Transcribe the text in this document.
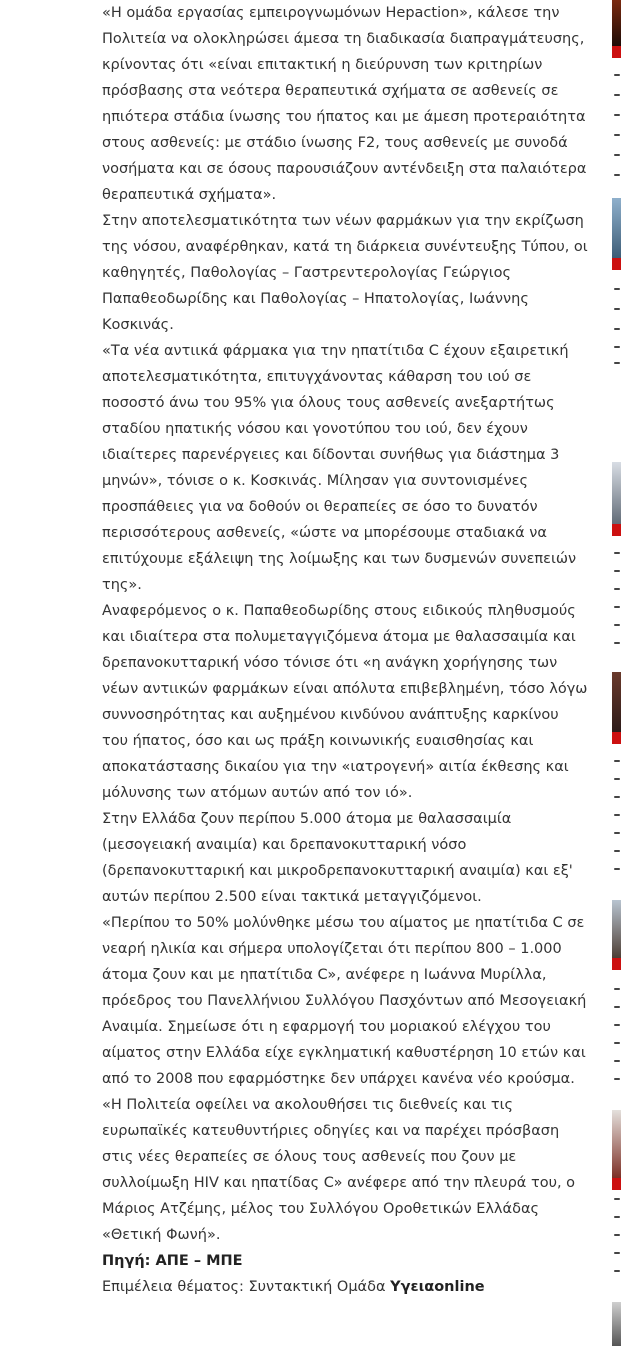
«Η ομάδα εργασίας εμπειρογνωμόνων Hepaction», κάλεσε την Πολιτεία να ολοκληρώσει άμεσα τη διαδικασία διαπραγμάτευσης, κρίνοντας ότι «είναι επιτακτική η διεύρυνση των κριτηρίων πρόσβασης στα νεότερα θεραπευτικά σχήματα σε ασθενείς σε ηπιότερα στάδια ίνωσης του ήπατος και με άμεση προτεραιότητα στους ασθενείς: με στάδιο ίνωσης F2, τους ασθενείς με συνοδά νοσήματα και σε όσους παρουσιάζουν αντένδειξη στα παλαιότερα θεραπευτικά σχήματα».

Στην αποτελεσματικότητα των νέων φαρμάκων για την εκρίζωση της νόσου, αναφέρθηκαν, κατά τη διάρκεια συνέντευξης Τύπου, οι καθηγητές, Παθολογίας – Γαστρεντερολογίας Γεώργιος Παπαθεοδωρίδης και Παθολογίας – Ηπατολογίας, Ιωάννης Κοσκινάς.

«Τα νέα αντιικά φάρμακα για την ηπατίτιδα C έχουν εξαιρετική αποτελεσματικότητα, επιτυγχάνοντας κάθαρση του ιού σε ποσοστό άνω του 95% για όλους τους ασθενείς ανεξαρτήτως σταδίου ηπατικής νόσου και γονοτύπου του ιού, δεν έχουν ιδιαίτερες παρενέργειες και δίδονται συνήθως για διάστημα 3 μηνών», τόνισε ο κ. Κοσκινάς. Μίλησαν για συντονισμένες προσπάθειες για να δοθούν οι θεραπείες σε όσο το δυνατόν περισσότερους ασθενείς, «ώστε να μπορέσουμε σταδιακά να επιτύχουμε εξάλειψη της λοίμωξης και των δυσμενών συνεπειών της».

Αναφερόμενος ο κ. Παπαθεοδωρίδης στους ειδικούς πληθυσμούς και ιδιαίτερα στα πολυμεταγγιζόμενα άτομα με θαλασσαιμία και δρεπανοκυτταρική νόσο τόνισε ότι «η ανάγκη χορήγησης των νέων αντιικών φαρμάκων είναι απόλυτα επιβεβλημένη, τόσο λόγω συννοσηρότητας και αυξημένου κινδύνου ανάπτυξης καρκίνου του ήπατος, όσο και ως πράξη κοινωνικής ευαισθησίας και αποκατάστασης δικαίου για την «ιατρογενή» αιτία έκθεσης και μόλυνσης των ατόμων αυτών από τον ιό».

Στην Ελλάδα ζουν περίπου 5.000 άτομα με θαλασσαιμία (μεσογειακή αναιμία) και δρεπανοκυτταρική νόσο (δρεπανοκυτταρική και μικροδρεπανοκυτταρική αναιμία) και εξ' αυτών περίπου 2.500 είναι τακτικά μεταγγιζόμενοι.

«Περίπου το 50% μολύνθηκε μέσω του αίματος με ηπατίτιδα C σε νεαρή ηλικία και σήμερα υπολογίζεται ότι περίπου 800 – 1.000 άτομα ζουν και με ηπατίτιδα C», ανέφερε η Ιωάννα Μυρίλλα, πρόεδρος του Πανελλήνιου Συλλόγου Πασχόντων από Μεσογειακή Αναιμία. Σημείωσε ότι η εφαρμογή του μοριακού ελέγχου του αίματος στην Ελλάδα είχε εγκληματική καθυστέρηση 10 ετών και από το 2008 που εφαρμόστηκε δεν υπάρχει κανένα νέο κρούσμα. «Η Πολιτεία οφείλει να ακολουθήσει τις διεθνείς και τις ευρωπαϊκές κατευθυντήριες οδηγίες και να παρέχει πρόσβαση στις νέες θεραπείες σε όλους τους ασθενείς που ζουν με συλλοίμωξη HIV και ηπατίδας C» ανέφερε από την πλευρά του, ο Μάριος Ατζέμης, μέλος του Συλλόγου Οροθετικών Ελλάδας «Θετική Φωνή».

Πηγή: ΑΠΕ – ΜΠΕ

Επιμέλεια θέματος: Συντακτική Ομάδα Υγειαonline
